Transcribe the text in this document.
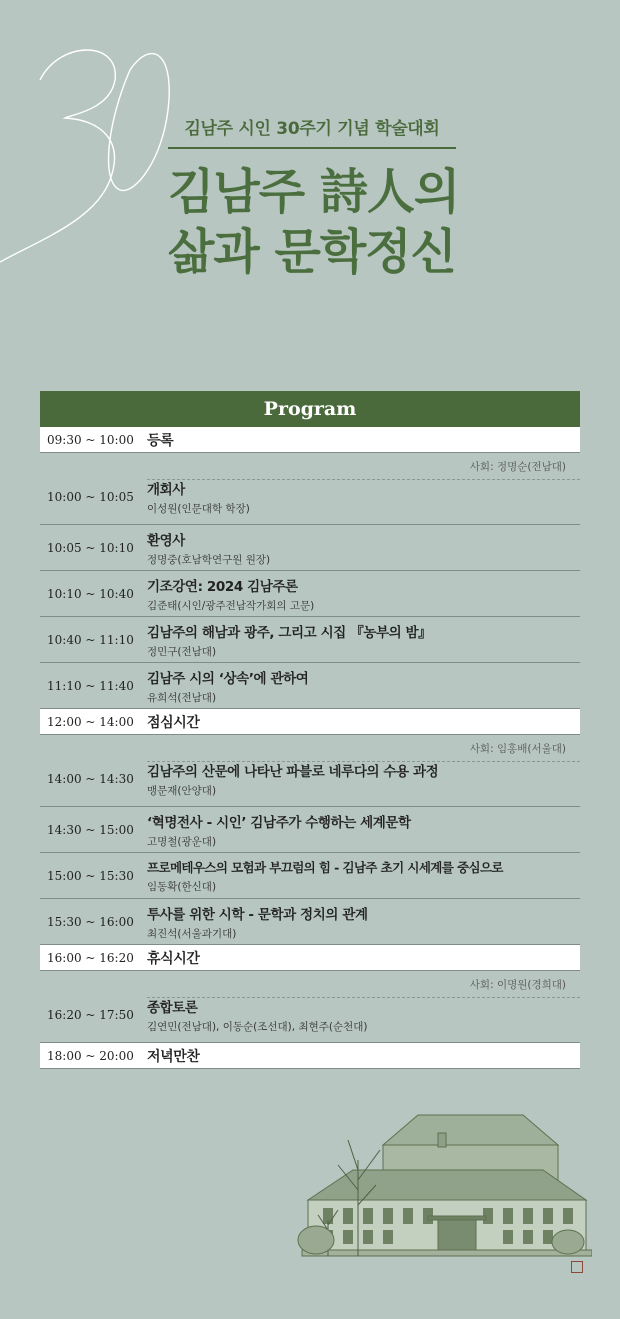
김남주 시인 30주기 기념 학술대회
김남주 詩人의
삶과 문학정신
Program
09:30 ~ 10:00 등록
사회: 정명순(전남대)
10:00 ~ 10:05 개회사
이성원(인문대학 학장)
10:05 ~ 10:10 환영사
정명중(호남학연구원 원장)
10:10 ~ 10:40 기조강연: 2024 김남주론
김준태(시인/광주전남작가회의 고문)
10:40 ~ 11:10 김남주의 해남과 광주, 그리고 시집 『농부의 밤』
정민구(전남대)
11:10 ~ 11:40 김남주 시의 ‘상속’에 관하여
유희석(전남대)
12:00 ~ 14:00 점심시간
사회: 임홍배(서울대)
14:00 ~ 14:30 김남주의 산문에 나타난 파블로 네루다의 수용 과정
맹문재(안양대)
14:30 ~ 15:00 ‘혁명전사 - 시인’ 김남주가 수행하는 세계문학
고명철(광운대)
15:00 ~ 15:30
프로메테우스의 모험과 부끄럼의 힘 - 김남주 초기 시세계를 중심으로
임동확(한신대)
15:30 ~ 16:00 투사를 위한 시학 - 문학과 정치의 관계
최진석(서울과기대)
16:00 ~ 16:20 휴식시간
사회: 이명원(경희대)
16:20 ~ 17:50 종합토론
김연민(전남대), 이동순(조선대), 최현주(순천대)
18:00 ~ 20:00 저녁만찬
